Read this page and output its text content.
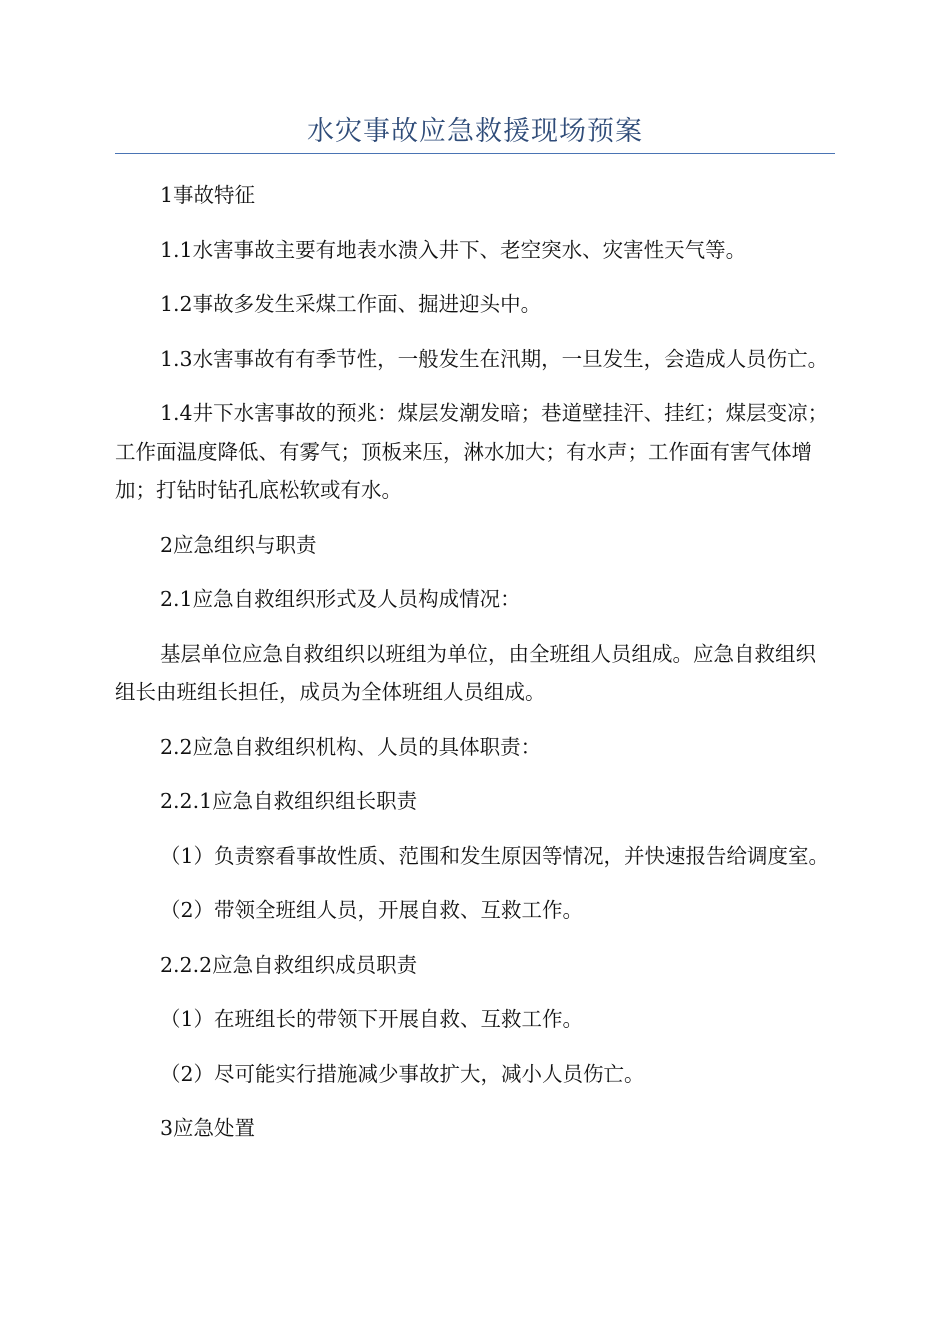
水灾事故应急救援现场预案

1事故特征

1.1水害事故主要有地表水溃入井下、老空突水、灾害性天气等。

1.2事故多发生采煤工作面、掘进迎头中。

1.3水害事故有有季节性，一般发生在汛期，一旦发生，会造成人员伤亡。

1.4井下水害事故的预兆：煤层发潮发暗；巷道壁挂汗、挂红；煤层变凉；工作面温度降低、有雾气；顶板来压，淋水加大；有水声；工作面有害气体增加；打钻时钻孔底松软或有水。

2应急组织与职责

2.1应急自救组织形式及人员构成情况：

基层单位应急自救组织以班组为单位，由全班组人员组成。应急自救组织组长由班组长担任，成员为全体班组人员组成。

2.2应急自救组织机构、人员的具体职责：

2.2.1应急自救组织组长职责

（1）负责察看事故性质、范围和发生原因等情况，并快速报告给调度室。

（2）带领全班组人员，开展自救、互救工作。

2.2.2应急自救组织成员职责

（1）在班组长的带领下开展自救、互救工作。

（2）尽可能实行措施减少事故扩大，减小人员伤亡。

3应急处置
